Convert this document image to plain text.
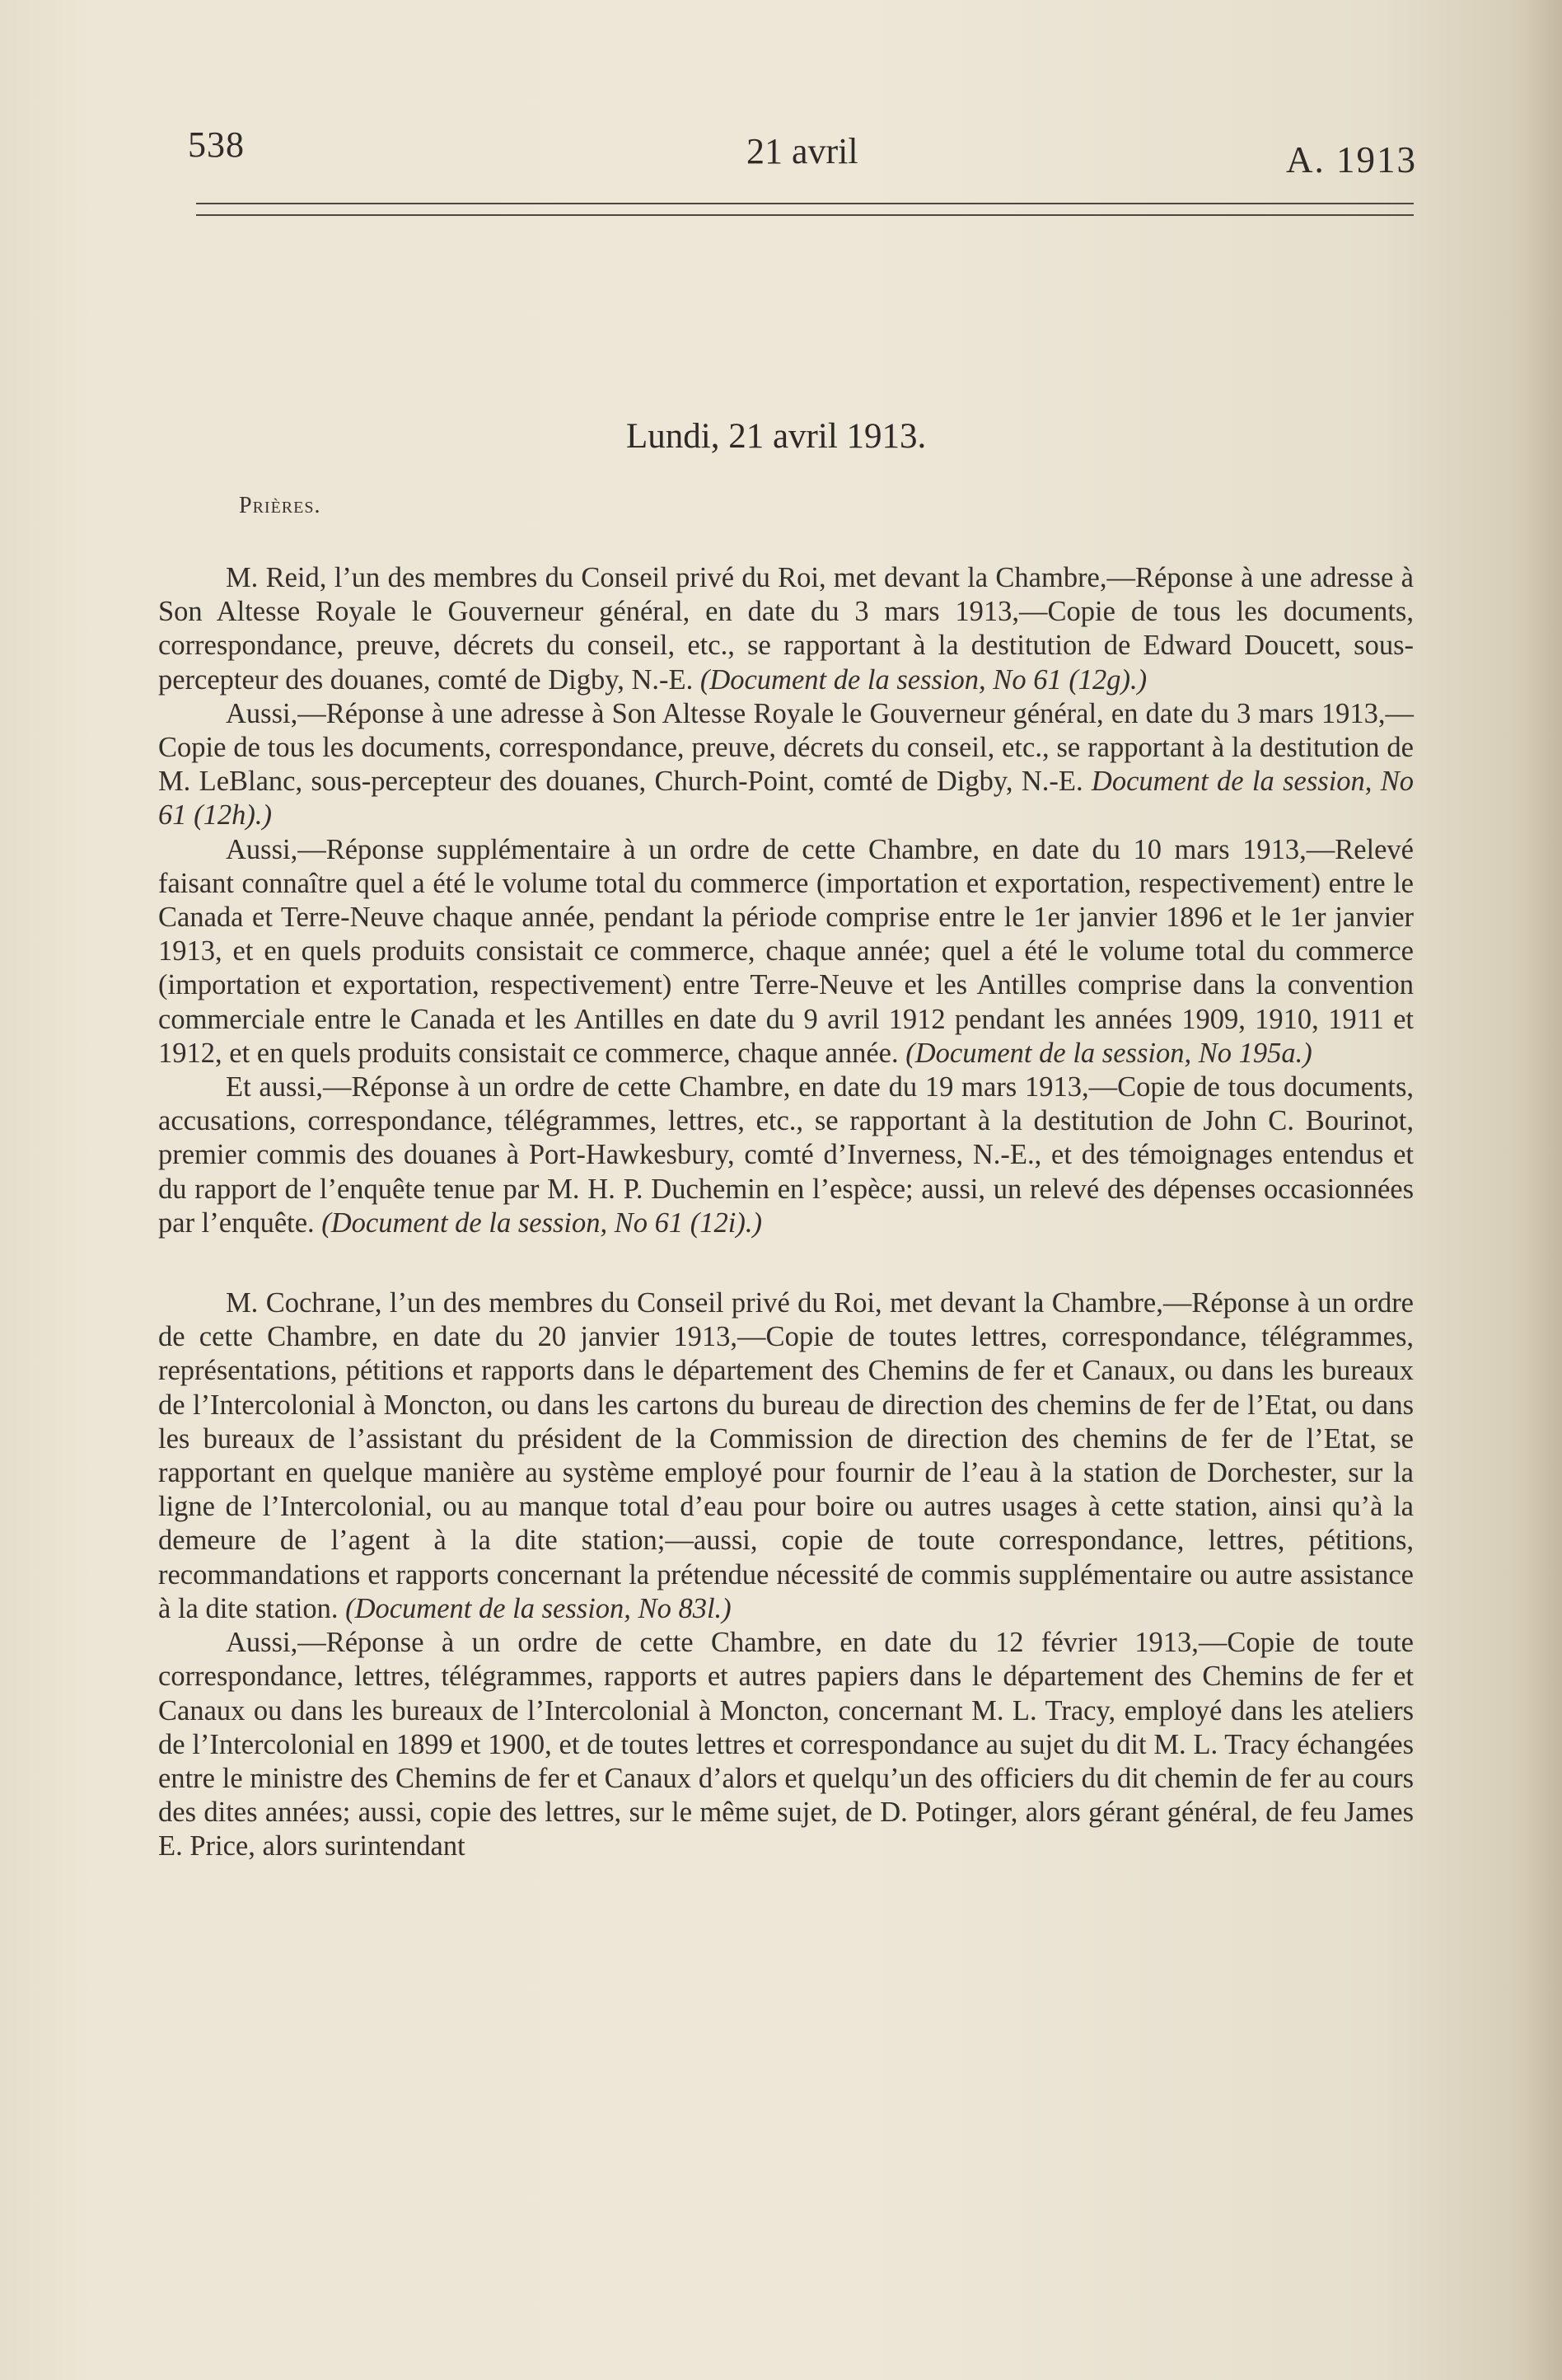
538	21 avril	A. 1913
Lundi, 21 avril 1913.
Prières.

M. Reid, l’un des membres du Conseil privé du Roi, met devant la Chambre,—Réponse à une adresse à Son Altesse Royale le Gouverneur général, en date du 3 mars 1913,—Copie de tous les documents, correspondance, preuve, décrets du conseil, etc., se rapportant à la destitution de Edward Doucett, sous-percepteur des douanes, comté de Digby, N.-E. (Document de la session, No 61 (12g).)

Aussi,—Réponse à une adresse à Son Altesse Royale le Gouverneur général, en date du 3 mars 1913,—Copie de tous les documents, correspondance, preuve, décrets du conseil, etc., se rapportant à la destitution de M. LeBlanc, sous-percepteur des douanes, Church-Point, comté de Digby, N.-E. Document de la session, No 61 (12h).)

Aussi,—Réponse supplémentaire à un ordre de cette Chambre, en date du 10 mars 1913,—Relevé faisant connaître quel a été le volume total du commerce (importation et exportation, respectivement) entre le Canada et Terre-Neuve chaque année, pendant la période comprise entre le 1er janvier 1896 et le 1er janvier 1913, et en quels produits consistait ce commerce, chaque année; quel a été le volume total du commerce (importation et exportation, respectivement) entre Terre-Neuve et les Antilles comprise dans la convention commerciale entre le Canada et les Antilles en date du 9 avril 1912 pendant les années 1909, 1910, 1911 et 1912, et en quels produits consistait ce commerce, chaque année. (Document de la session, No 195a.)

Et aussi,—Réponse à un ordre de cette Chambre, en date du 19 mars 1913,—Copie de tous documents, accusations, correspondance, télégrammes, lettres, etc., se rapportant à la destitution de John C. Bourinot, premier commis des douanes à Port-Hawkesbury, comté d’Inverness, N.-E., et des témoignages entendus et du rapport de l’enquête tenue par M. H. P. Duchemin en l’espèce; aussi, un relevé des dépenses occasionnées par l’enquête. (Document de la session, No 61 (12i).)

M. Cochrane, l’un des membres du Conseil privé du Roi, met devant la Chambre,—Réponse à un ordre de cette Chambre, en date du 20 janvier 1913,—Copie de toutes lettres, correspondance, télégrammes, représentations, pétitions et rapports dans le département des Chemins de fer et Canaux, ou dans les bureaux de l’Intercolonial à Moncton, ou dans les cartons du bureau de direction des chemins de fer de l’Etat, ou dans les bureaux de l’assistant du président de la Commission de direction des chemins de fer de l’Etat, se rapportant en quelque manière au système employé pour fournir de l’eau à la station de Dorchester, sur la ligne de l’Intercolonial, ou au manque total d’eau pour boire ou autres usages à cette station, ainsi qu’à la demeure de l’agent à la dite station;—aussi, copie de toute correspondance, lettres, pétitions, recommandations et rapports concernant la prétendue nécessité de commis supplémentaire ou autre assistance à la dite station. (Document de la session, No 83l.)

Aussi,—Réponse à un ordre de cette Chambre, en date du 12 février 1913,—Copie de toute correspondance, lettres, télégrammes, rapports et autres papiers dans le département des Chemins de fer et Canaux ou dans les bureaux de l’Intercolonial à Moncton, concernant M. L. Tracy, employé dans les ateliers de l’Intercolonial en 1899 et 1900, et de toutes lettres et correspondance au sujet du dit M. L. Tracy échangées entre le ministre des Chemins de fer et Canaux d’alors et quelqu’un des officiers du dit chemin de fer au cours des dites années; aussi, copie des lettres, sur le même sujet, de D. Potinger, alors gérant général, de feu James E. Price, alors surintendant
